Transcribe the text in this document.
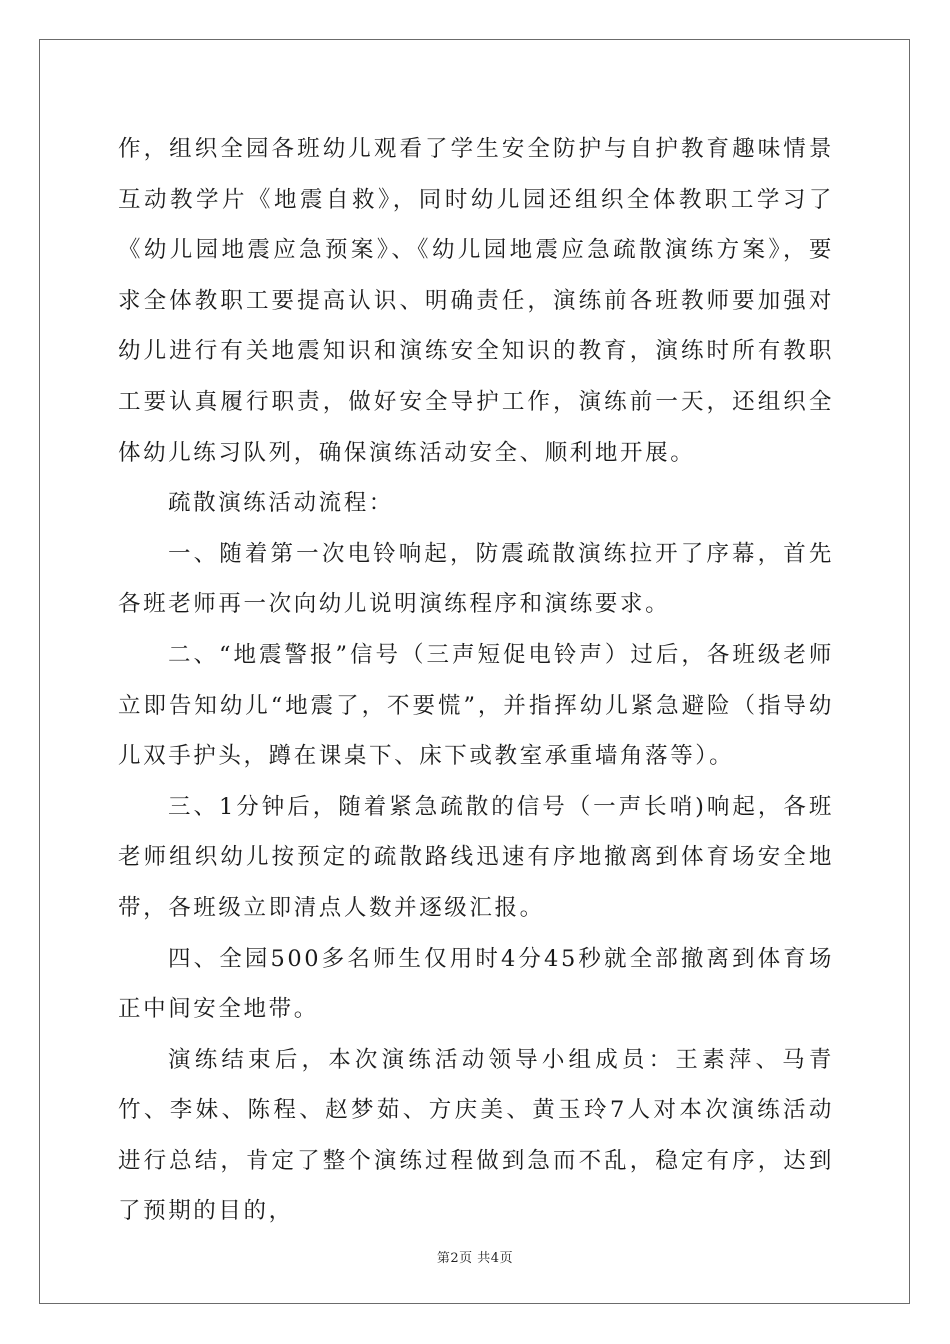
作，组织全园各班幼儿观看了学生安全防护与自护教育趣味情景互动教学片《地震自救》，同时幼儿园还组织全体教职工学习了《幼儿园地震应急预案》、《幼儿园地震应急疏散演练方案》，要求全体教职工要提高认识、明确责任，演练前各班教师要加强对幼儿进行有关地震知识和演练安全知识的教育，演练时所有教职工要认真履行职责，做好安全导护工作，演练前一天，还组织全体幼儿练习队列，确保演练活动安全、顺利地开展。

疏散演练活动流程：

一、随着第一次电铃响起，防震疏散演练拉开了序幕，首先各班老师再一次向幼儿说明演练程序和演练要求。

二、“地震警报”信号（三声短促电铃声）过后，各班级老师立即告知幼儿“地震了，不要慌”，并指挥幼儿紧急避险（指导幼儿双手护头，蹲在课桌下、床下或教室承重墙角落等）。

三、1分钟后，随着紧急疏散的信号（一声长哨)响起，各班老师组织幼儿按预定的疏散路线迅速有序地撤离到体育场安全地带，各班级立即清点人数并逐级汇报。

四、全园500多名师生仅用时4分45秒就全部撤离到体育场正中间安全地带。

演练结束后，本次演练活动领导小组成员：王素萍、马青竹、李妹、陈程、赵梦茹、方庆美、黄玉玲7人对本次演练活动进行总结，肯定了整个演练过程做到急而不乱，稳定有序，达到了预期的目的，

第2页 共4页
